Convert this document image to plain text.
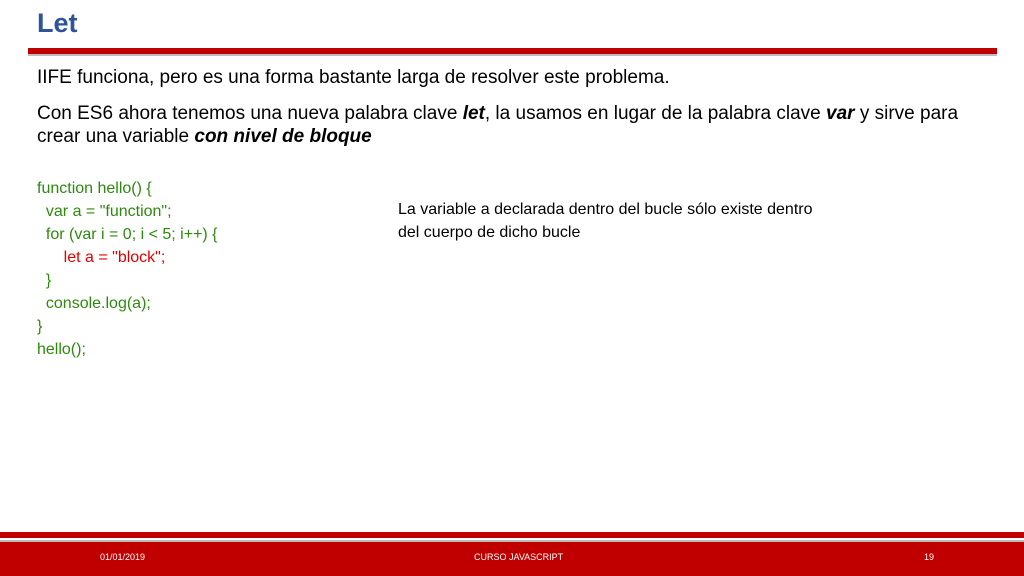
Let
IIFE funciona, pero es una forma bastante larga de resolver este problema.
Con ES6 ahora tenemos una nueva palabra clave let, la usamos en lugar de la palabra clave var y sirve para crear una variable con nivel de bloque
function hello() {
var a = "function";
for (var i = 0; i < 5; i++) {
let a = "block";
}
console.log(a);
}
hello();
La variable a declarada dentro del bucle sólo existe dentro del cuerpo de dicho bucle
01/01/2019	CURSO JAVASCRIPT	19
